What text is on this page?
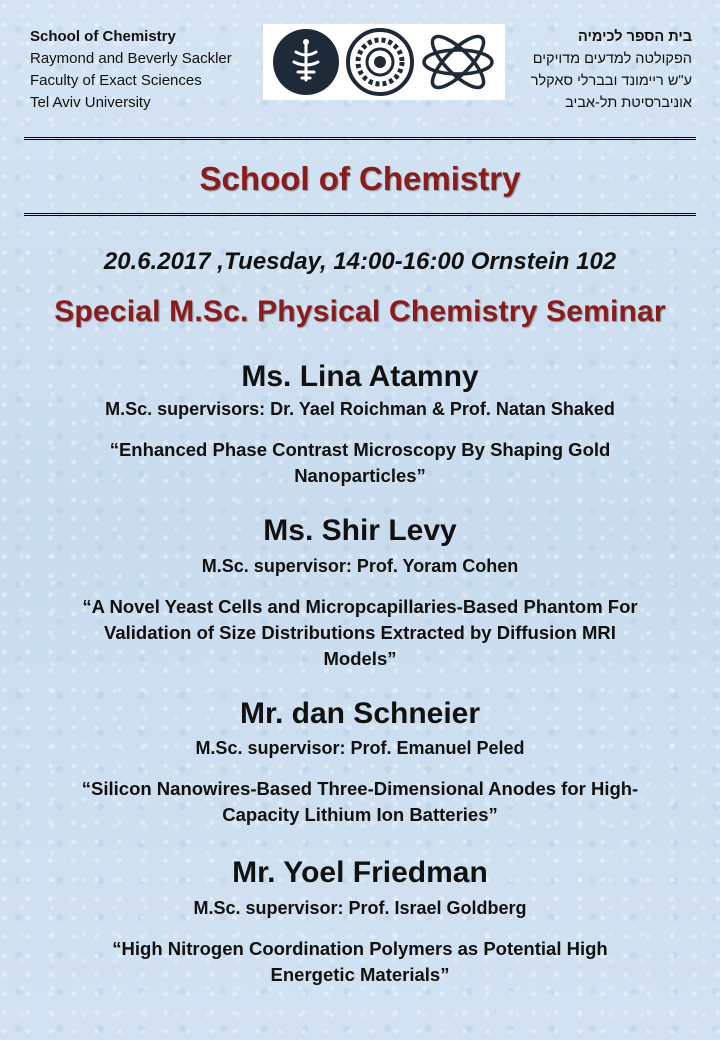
School of Chemistry
Raymond and Beverly Sackler
Faculty of Exact Sciences
Tel Aviv University
בית הספר לכימיה
הפקולטה למדעים מדויקים
ע"ש ריימונד ובברלי סאקלר
אוניברסיטת תל-אביב
School of Chemistry
20.6.2017 ,Tuesday, 14:00-16:00 Ornstein 102
Special M.Sc. Physical Chemistry Seminar
Ms. Lina Atamny
M.Sc. supervisors: Dr. Yael Roichman & Prof. Natan Shaked
“Enhanced Phase Contrast Microscopy By Shaping Gold
Nanoparticles”
Ms. Shir Levy
M.Sc. supervisor: Prof. Yoram Cohen
“A Novel Yeast Cells and Micropcapillaries-Based Phantom For
Validation of Size Distributions Extracted by Diffusion MRI
Models”
Mr. dan Schneier
M.Sc. supervisor: Prof. Emanuel Peled
“Silicon Nanowires-Based Three-Dimensional Anodes for High-
Capacity Lithium Ion Batteries”
Mr. Yoel Friedman
M.Sc. supervisor: Prof. Israel Goldberg
“High Nitrogen Coordination Polymers as Potential High
Energetic Materials”
